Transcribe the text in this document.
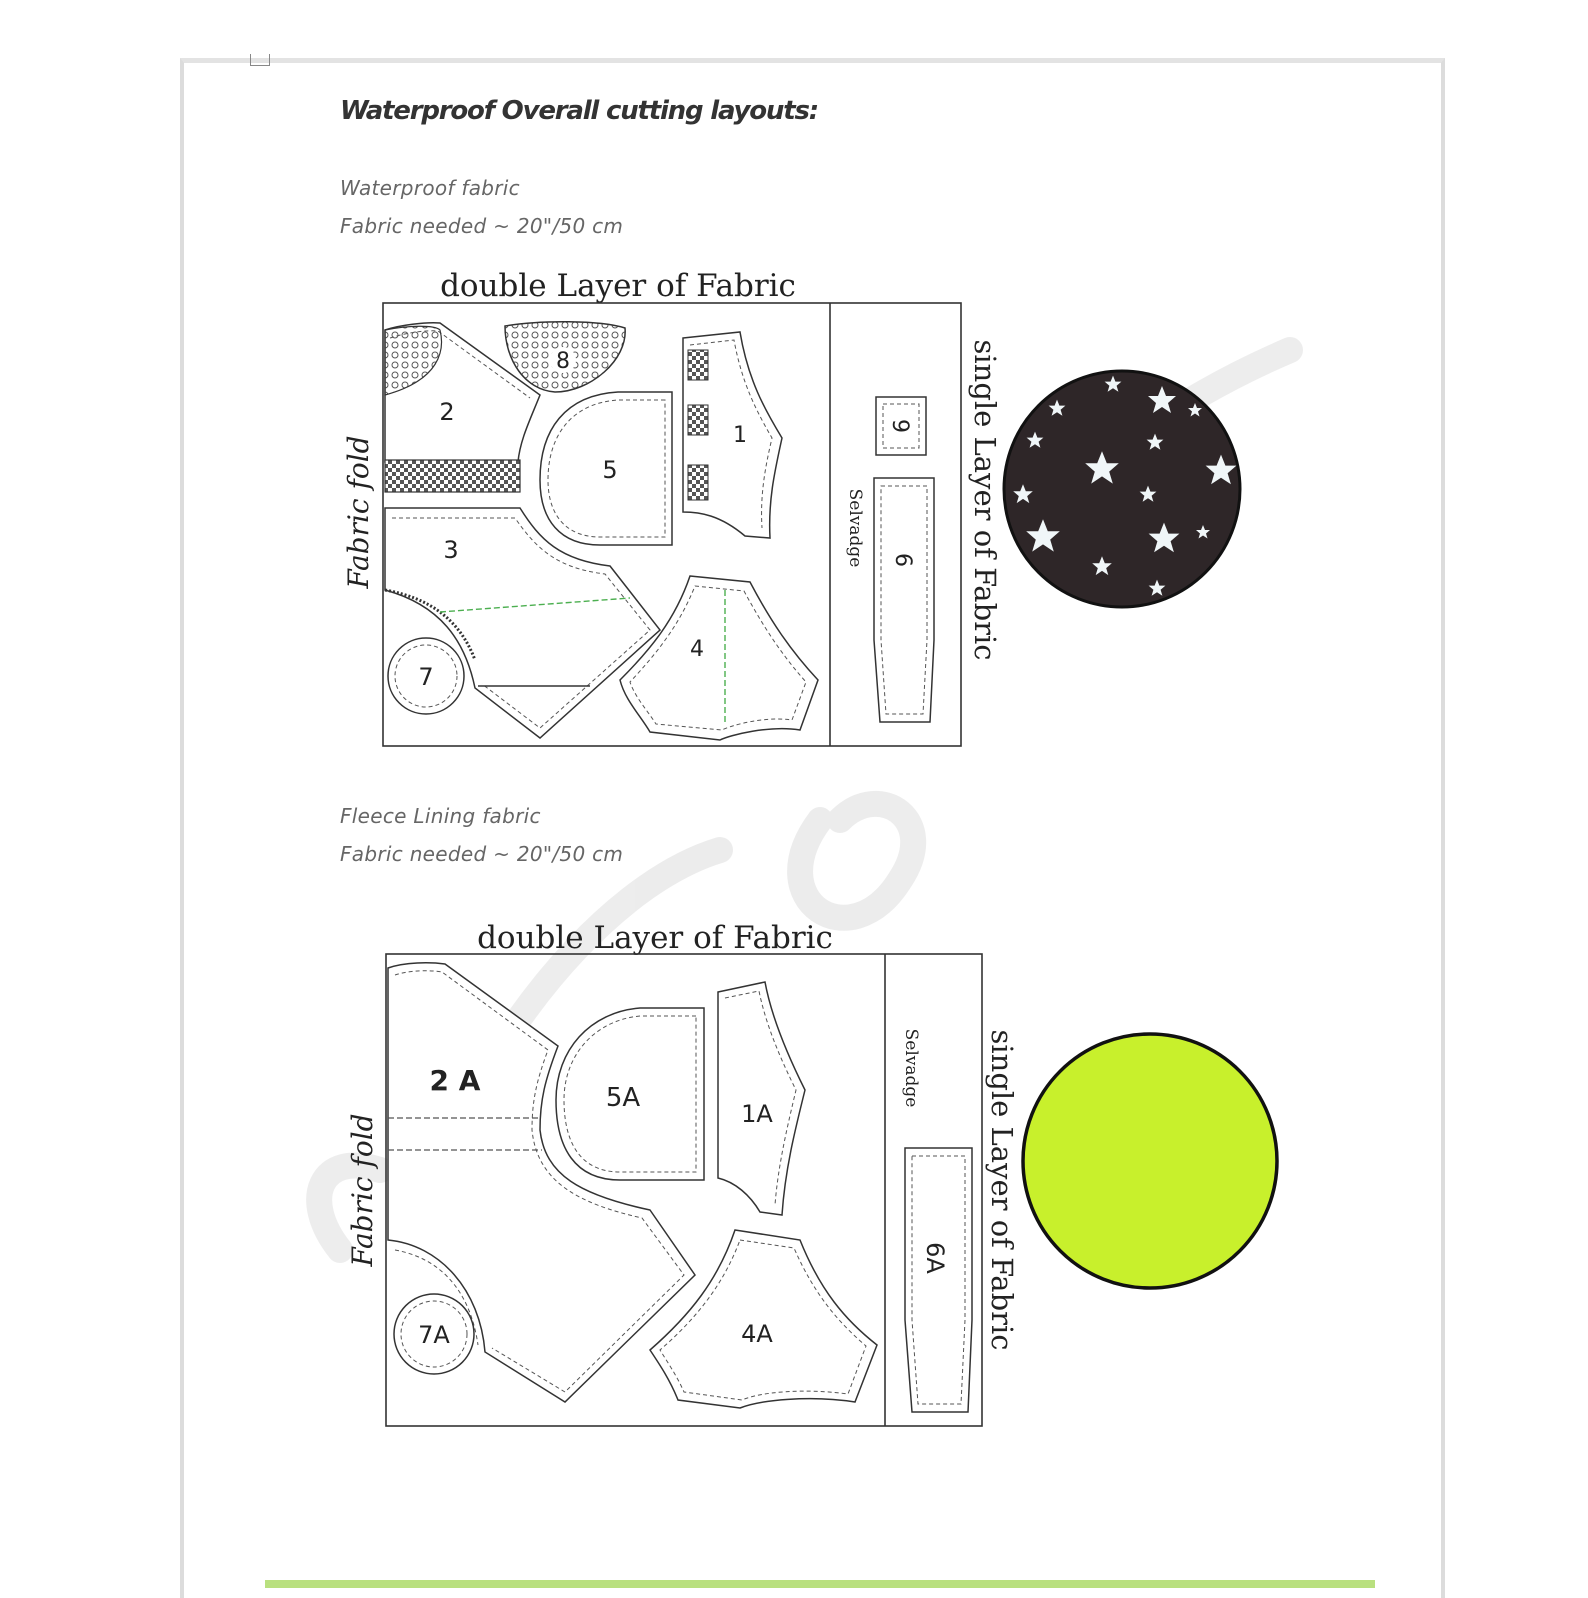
Waterproof Overall cutting layouts:
Waterproof fabric
Fabric needed ~ 20"/50 cm
Fleece Lining fabric
Fabric needed ~ 20"/50 cm
double Layer of Fabric
Fabric fold	Selvadge	single Layer of Fabric
2
8
5
1
3
4
7
9
6
double Layer of Fabric
Fabric fold
Selvadge single Layer of Fabric
2 A
5A
1A
4A
7A
6A
